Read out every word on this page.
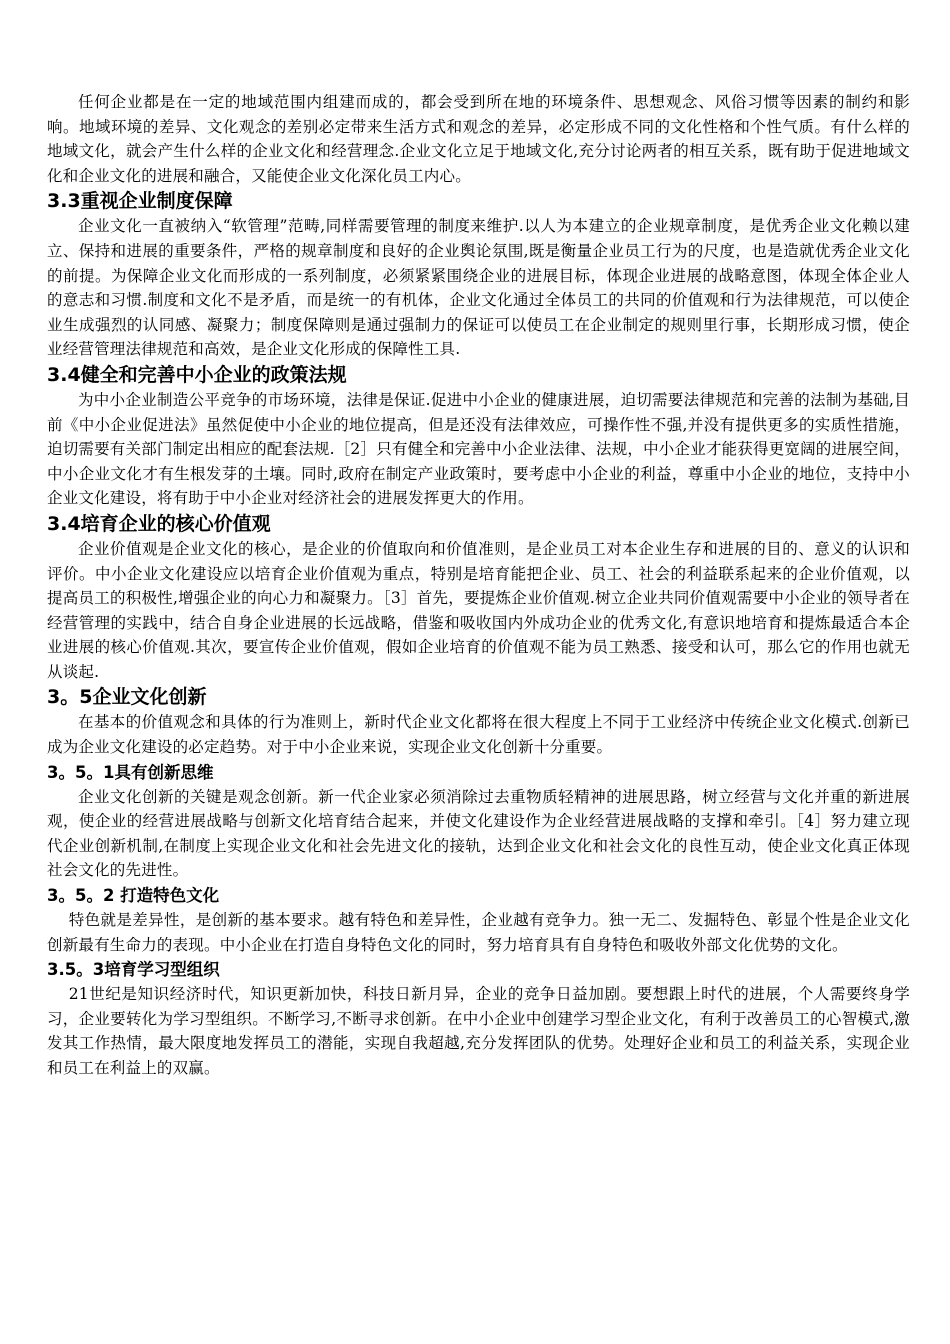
任何企业都是在一定的地域范围内组建而成的，都会受到所在地的环境条件、思想观念、风俗习惯等因素的制约和影响。地域环境的差异、文化观念的差别必定带来生活方式和观念的差异，必定形成不同的文化性格和个性气质。有什么样的地域文化，就会产生什么样的企业文化和经营理念.企业文化立足于地域文化,充分讨论两者的相互关系，既有助于促进地域文化和企业文化的进展和融合，又能使企业文化深化员工内心。

3.3重视企业制度保障

企业文化一直被纳入“软管理”范畴,同样需要管理的制度来维护.以人为本建立的企业规章制度，是优秀企业文化赖以建立、保持和进展的重要条件，严格的规章制度和良好的企业舆论氛围,既是衡量企业员工行为的尺度，也是造就优秀企业文化的前提。为保障企业文化而形成的一系列制度，必须紧紧围绕企业的进展目标，体现企业进展的战略意图，体现全体企业人的意志和习惯.制度和文化不是矛盾，而是统一的有机体，企业文化通过全体员工的共同的价值观和行为法律规范，可以使企业生成强烈的认同感、凝聚力；制度保障则是通过强制力的保证可以使员工在企业制定的规则里行事，长期形成习惯，使企业经营管理法律规范和高效，是企业文化形成的保障性工具.

3.4健全和完善中小企业的政策法规

为中小企业制造公平竞争的市场环境，法律是保证.促进中小企业的健康进展，迫切需要法律规范和完善的法制为基础,目前《中小企业促进法》虽然促使中小企业的地位提高，但是还没有法律效应，可操作性不强,并没有提供更多的实质性措施，迫切需要有关部门制定出相应的配套法规.［2］只有健全和完善中小企业法律、法规，中小企业才能获得更宽阔的进展空间，中小企业文化才有生根发芽的土壤。同时,政府在制定产业政策时，要考虑中小企业的利益，尊重中小企业的地位，支持中小企业文化建设，将有助于中小企业对经济社会的进展发挥更大的作用。

3.4培育企业的核心价值观

企业价值观是企业文化的核心，是企业的价值取向和价值准则，是企业员工对本企业生存和进展的目的、意义的认识和评价。中小企业文化建设应以培育企业价值观为重点，特别是培育能把企业、员工、社会的利益联系起来的企业价值观，以提高员工的积极性,增强企业的向心力和凝聚力。［3］首先，要提炼企业价值观.树立企业共同价值观需要中小企业的领导者在经营管理的实践中，结合自身企业进展的长远战略，借鉴和吸收国内外成功企业的优秀文化,有意识地培育和提炼最适合本企业进展的核心价值观.其次，要宣传企业价值观，假如企业培育的价值观不能为员工熟悉、接受和认可，那么它的作用也就无从谈起.

3。5企业文化创新

在基本的价值观念和具体的行为准则上，新时代企业文化都将在很大程度上不同于工业经济中传统企业文化模式.创新已成为企业文化建设的必定趋势。对于中小企业来说，实现企业文化创新十分重要。

3。5。1具有创新思维

企业文化创新的关键是观念创新。新一代企业家必须消除过去重物质轻精神的进展思路，树立经营与文化并重的新进展观，使企业的经营进展战略与创新文化培育结合起来，并使文化建设作为企业经营进展战略的支撑和牵引。［4］努力建立现代企业创新机制,在制度上实现企业文化和社会先进文化的接轨，达到企业文化和社会文化的良性互动，使企业文化真正体现社会文化的先进性。

3。5。2 打造特色文化

特色就是差异性，是创新的基本要求。越有特色和差异性，企业越有竞争力。独一无二、发掘特色、彰显个性是企业文化创新最有生命力的表现。中小企业在打造自身特色文化的同时，努力培育具有自身特色和吸收外部文化优势的文化。

3.5。3培育学习型组织

21世纪是知识经济时代，知识更新加快，科技日新月异，企业的竞争日益加剧。要想跟上时代的进展，个人需要终身学习，企业要转化为学习型组织。不断学习,不断寻求创新。在中小企业中创建学习型企业文化，有利于改善员工的心智模式,激发其工作热情，最大限度地发挥员工的潜能，实现自我超越,充分发挥团队的优势。处理好企业和员工的利益关系，实现企业和员工在利益上的双赢。
